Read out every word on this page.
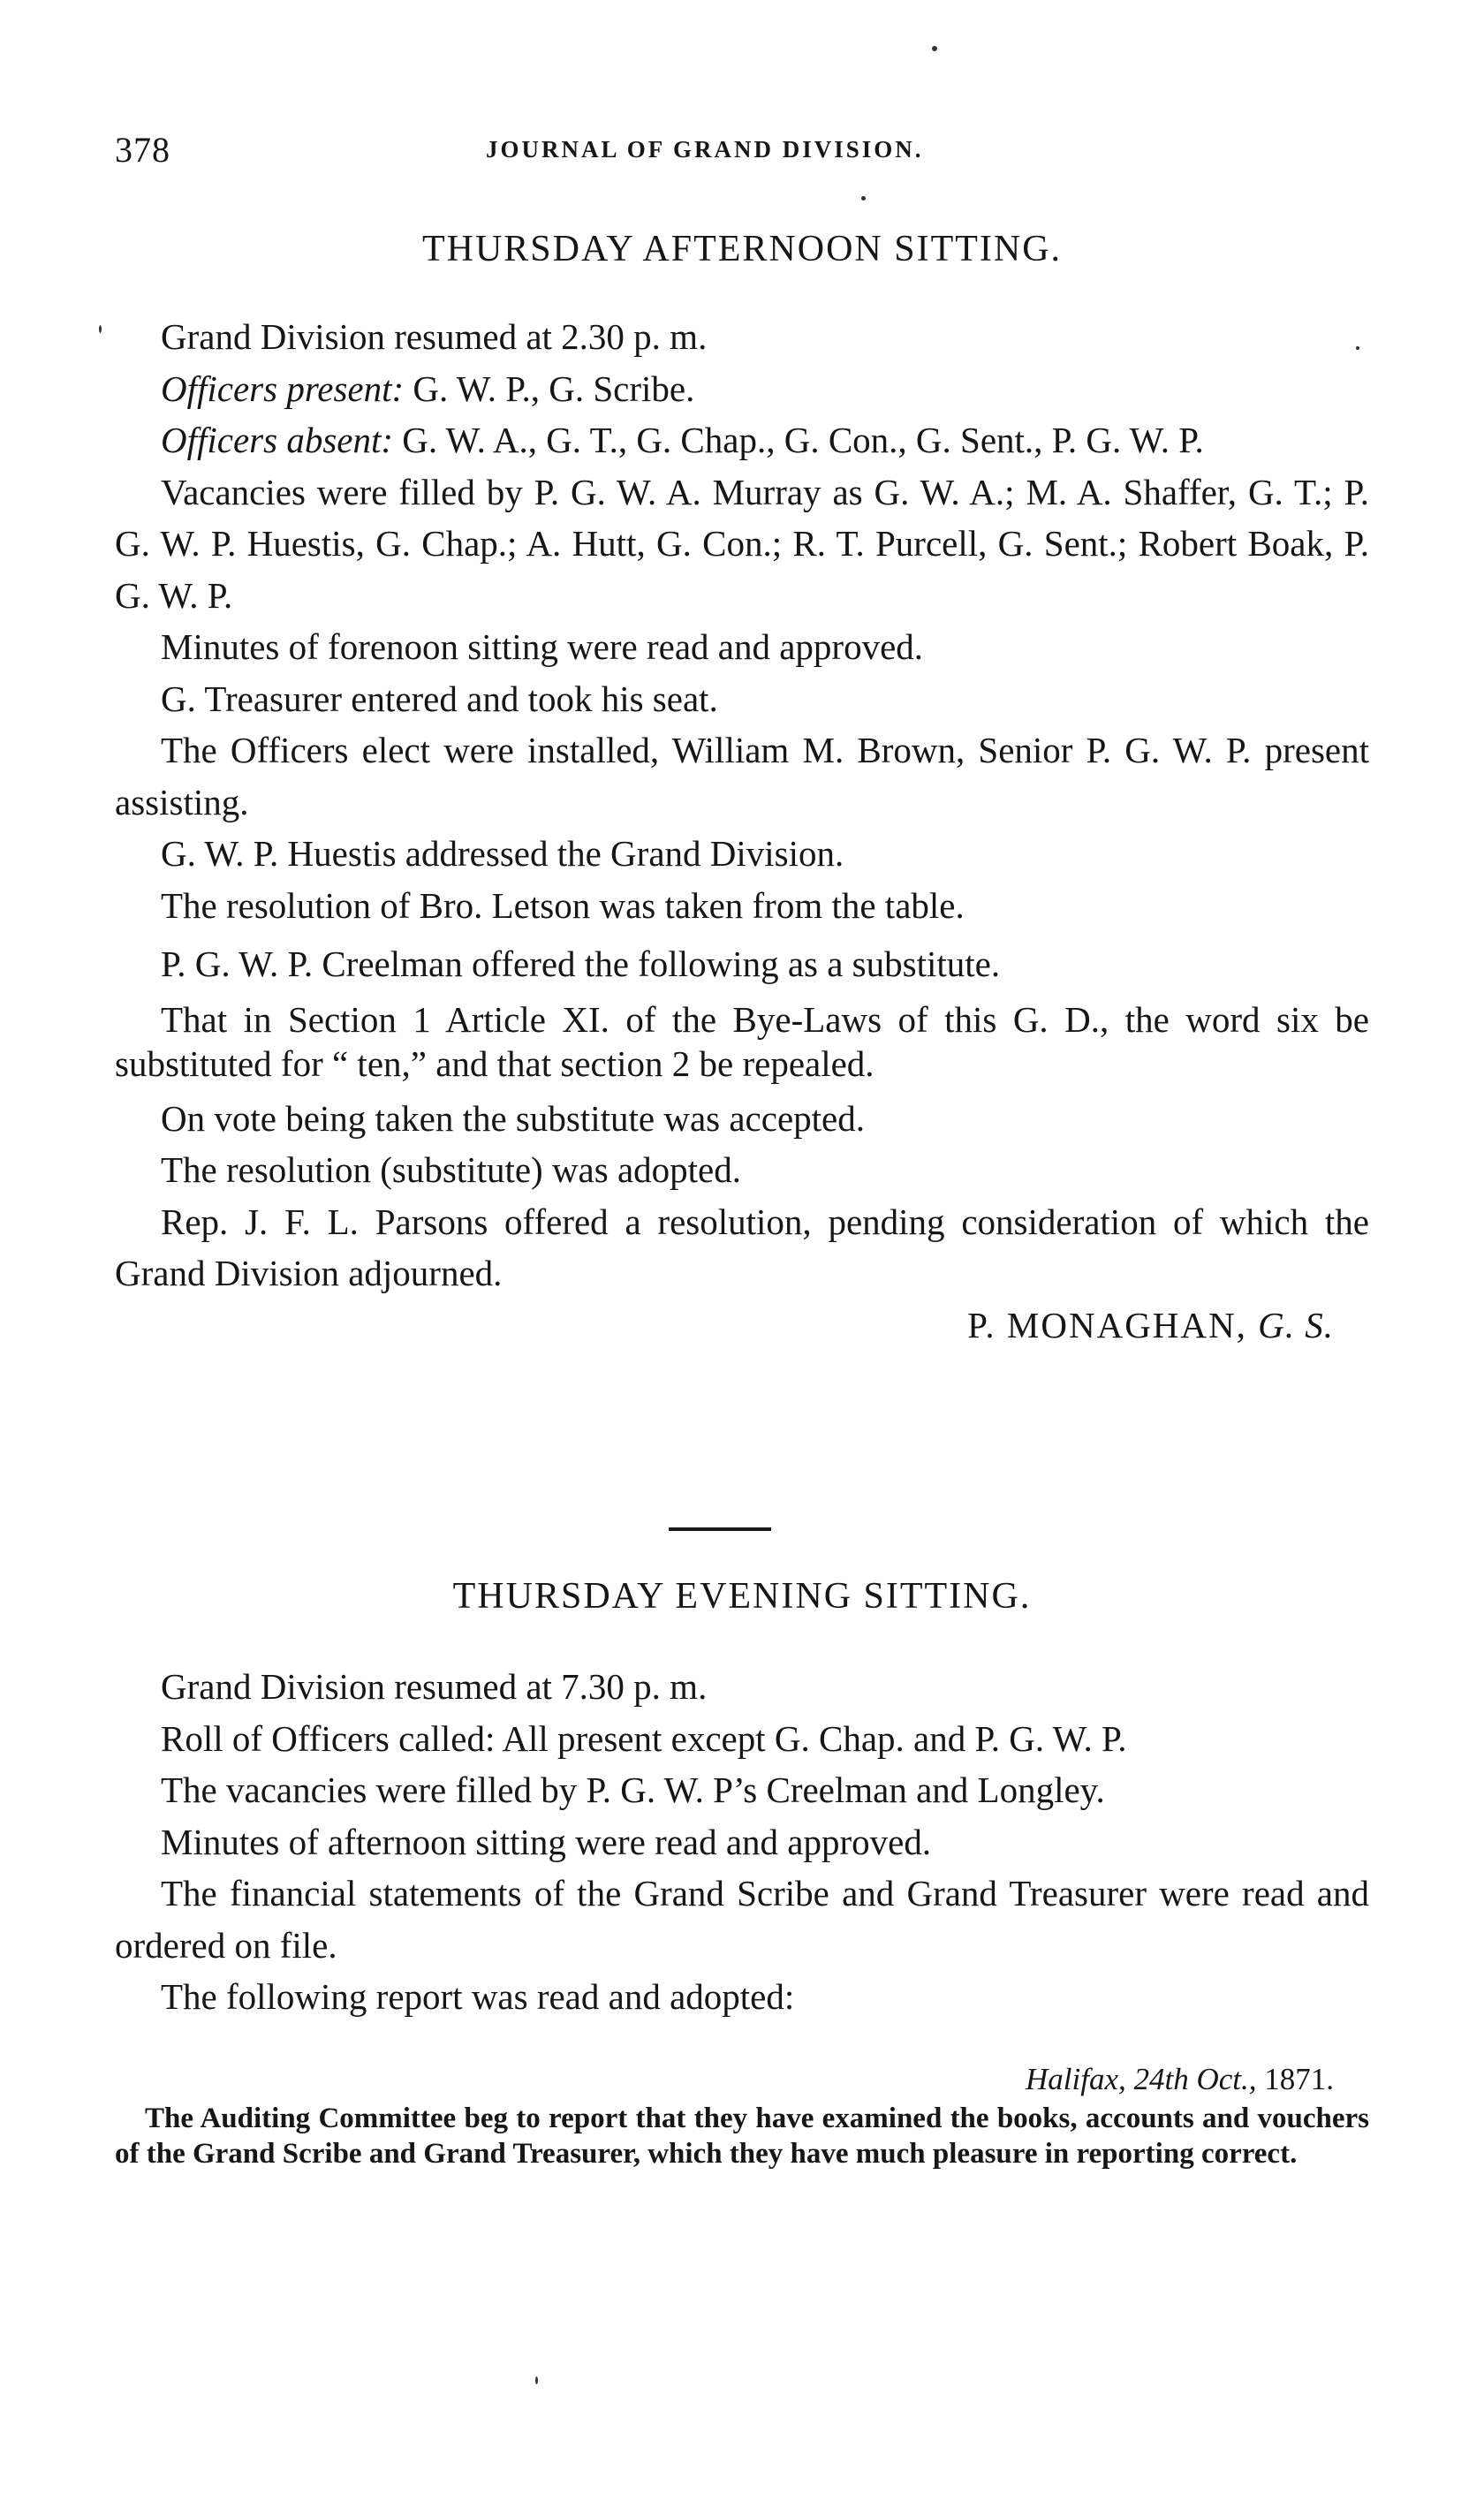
378	JOURNAL OF GRAND DIVISION.
THURSDAY AFTERNOON SITTING.

Grand Division resumed at 2.30 p. m.

Officers present: G. W. P., G. Scribe.

Officers absent: G. W. A., G. T., G. Chap., G. Con., G. Sent., P. G. W. P.

Vacancies were filled by P. G. W. A. Murray as G. W. A.; M. A. Shaffer, G. T.; P. G. W. P. Huestis, G. Chap.; A. Hutt, G. Con.; R. T. Purcell, G. Sent.; Robert Boak, P. G. W. P.

Minutes of forenoon sitting were read and approved.

G. Treasurer entered and took his seat.

The Officers elect were installed, William M. Brown, Senior P. G. W. P. present assisting.

G. W. P. Huestis addressed the Grand Division.

The resolution of Bro. Letson was taken from the table.

P. G. W. P. Creelman offered the following as a substitute.

That in Section 1 Article XI. of the Bye-Laws of this G. D., the word six be substituted for “ ten,” and that section 2 be repealed.

On vote being taken the substitute was accepted.

The resolution (substitute) was adopted.

Rep. J. F. L. Parsons offered a resolution, pending consideration of which the Grand Division adjourned.

P. MONAGHAN, G. S.

THURSDAY EVENING SITTING.

Grand Division resumed at 7.30 p. m.

Roll of Officers called: All present except G. Chap. and P. G. W. P.

The vacancies were filled by P. G. W. P’s Creelman and Longley.

Minutes of afternoon sitting were read and approved.

The financial statements of the Grand Scribe and Grand Treasurer were read and ordered on file.

The following report was read and adopted:

Halifax, 24th Oct., 1871.

The Auditing Committee beg to report that they have examined the books, accounts and vouchers of the Grand Scribe and Grand Treasurer, which they have much pleasure in reporting correct.
